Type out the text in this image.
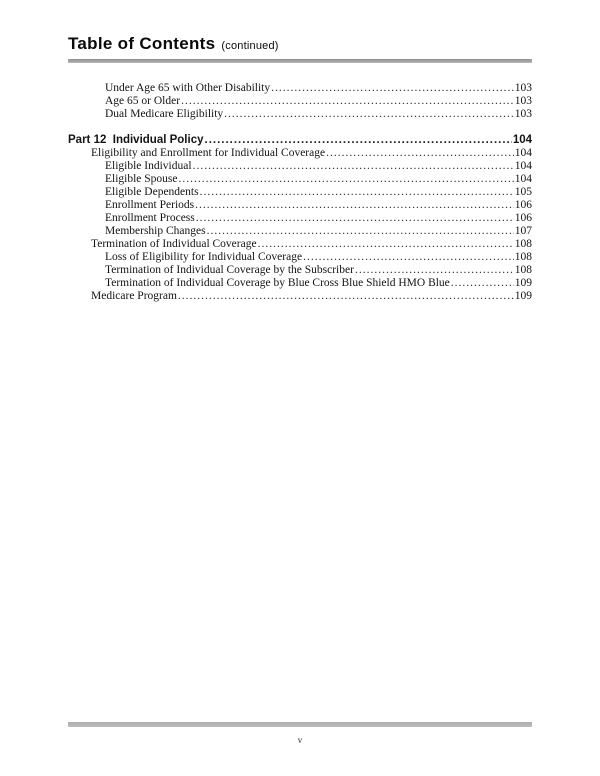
Table of Contents (continued)
Under Age 65 with Other Disability .....	103
Age 65 or Older .....	103
Dual Medicare Eligibility .....	103
Part 12  Individual Policy .....	104
Eligibility and Enrollment for Individual Coverage .....	104
Eligible Individual .....	104
Eligible Spouse .....	104
Eligible Dependents .....	105
Enrollment Periods .....	106
Enrollment Process .....	106
Membership Changes .....	107
Termination of Individual Coverage .....	108
Loss of Eligibility for Individual Coverage .....	108
Termination of Individual Coverage by the Subscriber .....	108
Termination of Individual Coverage by Blue Cross Blue Shield HMO Blue .....	109
Medicare Program .....	109
v
